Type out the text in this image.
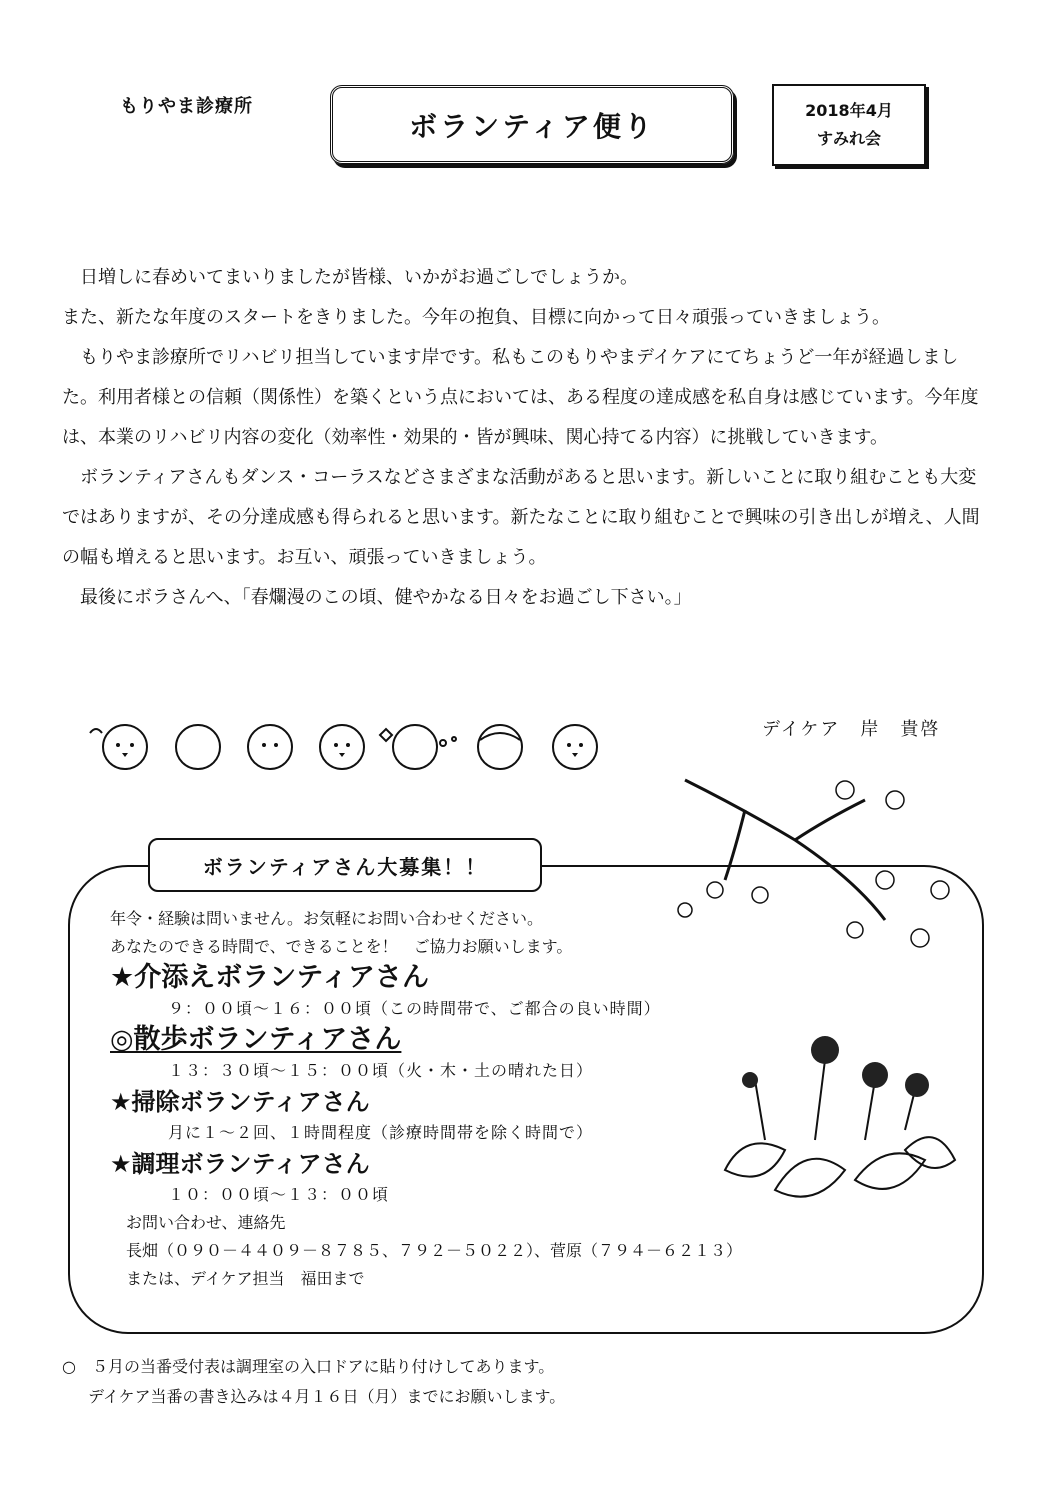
もりやま診療所
ボランティア便り	2018年4月
すみれ会

日増しに春めいてまいりましたが皆様、いかがお過ごしでしょうか。

また、新たな年度のスタートをきりました。今年の抱負、目標に向かって日々頑張っていきましょう。

もりやま診療所でリハビリ担当しています岸です。私もこのもりやまデイケアにてちょうど一年が経過しました。利用者様との信頼（関係性）を築くという点においては、ある程度の達成感を私自身は感じています。今年度は、本業のリハビリ内容の変化（効率性・効果的・皆が興味、関心持てる内容）に挑戦していきます。

ボランティアさんもダンス・コーラスなどさまざまな活動があると思います。新しいことに取り組むことも大変ではありますが、その分達成感も得られると思います。新たなことに取り組むことで興味の引き出しが増え、人間の幅も増えると思います。お互い、頑張っていきましょう。

最後にボラさんへ、「春爛漫のこの頃、健やかなる日々をお過ごし下さい。」

デイケア　岸　貴啓
ボランティアさん大募集！！
年令・経験は問いません。お気軽にお問い合わせください。
あなたのできる時間で、できることを！　ご協力お願いします。
★介添えボランティアさん
９：００頃～１６：００頃（この時間帯で、ご都合の良い時間）
◎散歩ボランティアさん
１３：３０頃～１５：００頃（火・木・土の晴れた日）
★掃除ボランティアさん
月に１～２回、１時間程度（診療時間帯を除く時間で）
★調理ボランティアさん
１０：００頃～１３：００頃
お問い合わせ、連絡先
長畑（０９０－４４０９－８７８５、７９２－５０２２）、菅原（７９４－６２１３）
または、デイケア担当　福田まで
○　５月の当番受付表は調理室の入口ドアに貼り付けしてあります。
デイケア当番の書き込みは４月１６日（月）までにお願いします。
